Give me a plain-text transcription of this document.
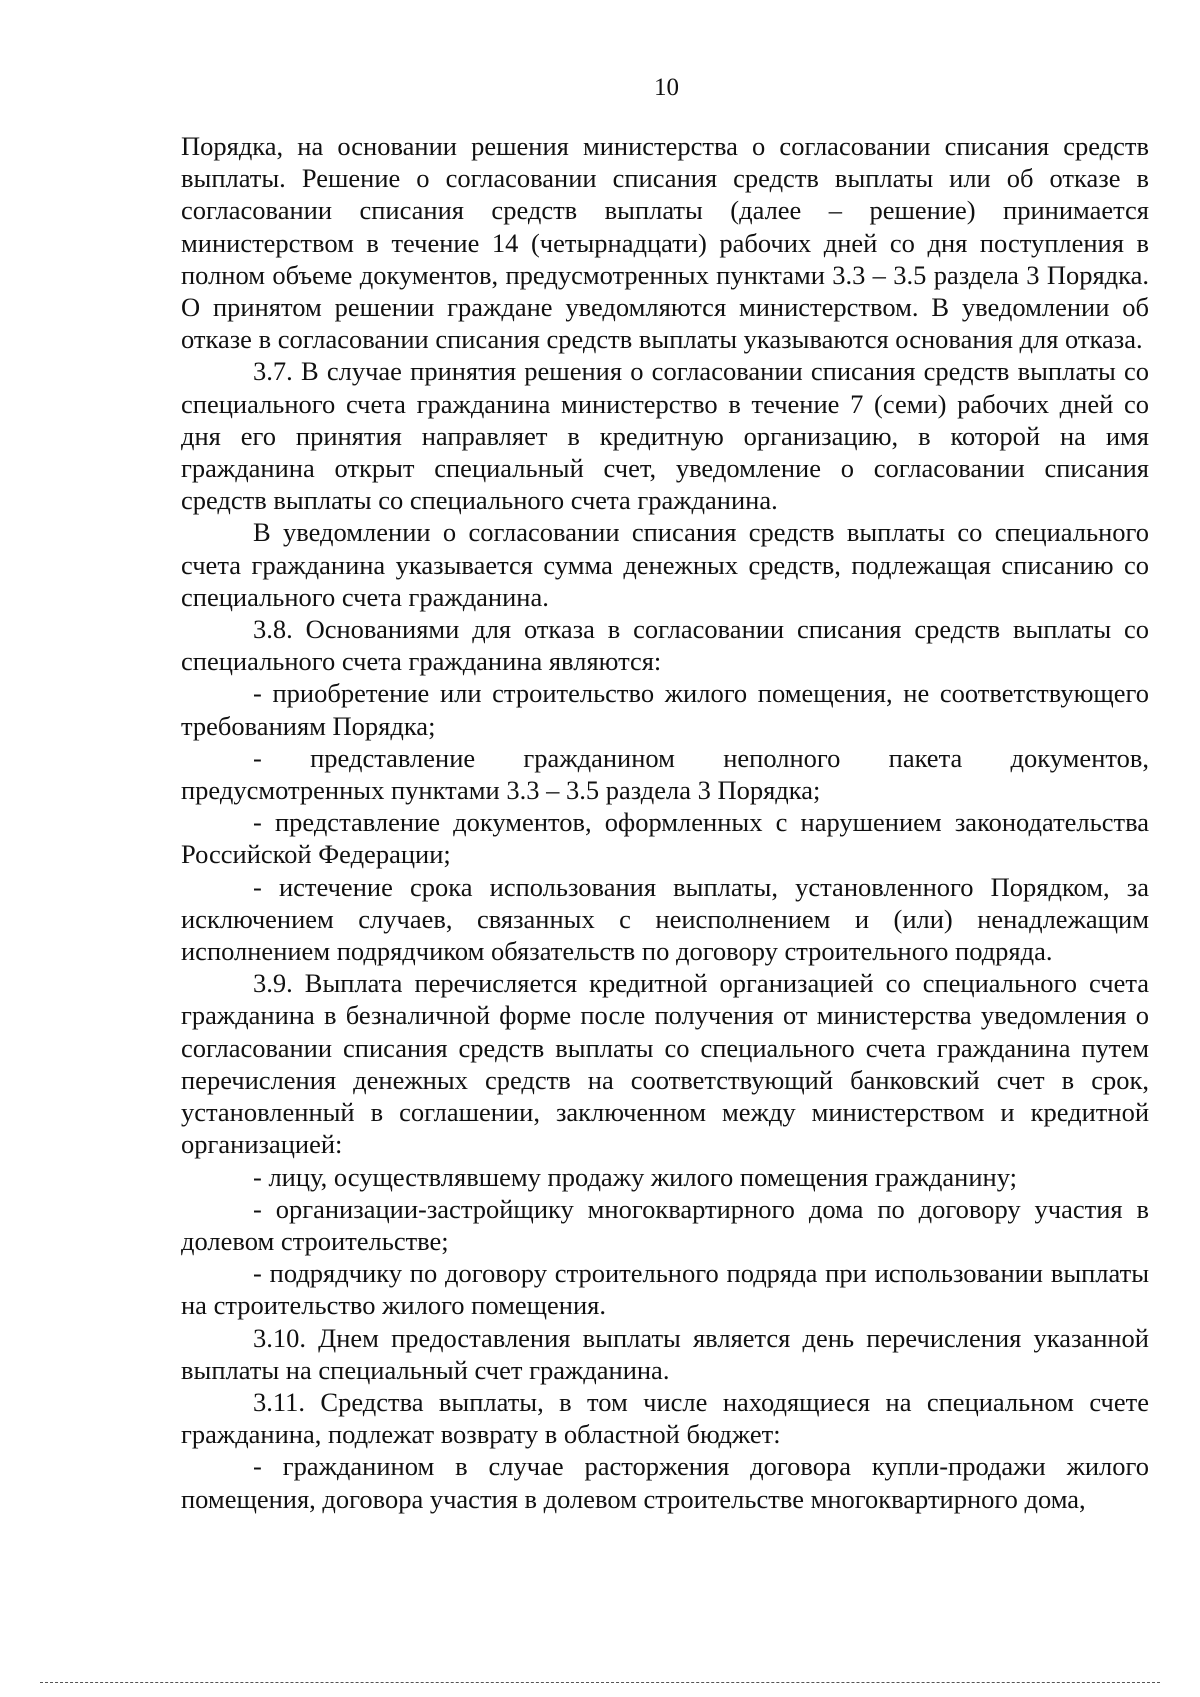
10

Порядка, на основании решения министерства о согласовании списания средств выплаты. Решение о согласовании списания средств выплаты или об отказе в согласовании списания средств выплаты (далее – решение) принимается министерством в течение 14 (четырнадцати) рабочих дней со дня поступления в полном объеме документов, предусмотренных пунктами 3.3 – 3.5 раздела 3 Порядка. О принятом решении граждане уведомляются министерством. В уведомлении об отказе в согласовании списания средств выплаты указываются основания для отказа.

3.7. В случае принятия решения о согласовании списания средств выплаты со специального счета гражданина министерство в течение 7 (семи) рабочих дней со дня его принятия направляет в кредитную организацию, в которой на имя гражданина открыт специальный счет, уведомление о согласовании списания средств выплаты со специального счета гражданина.

В уведомлении о согласовании списания средств выплаты со специального счета гражданина указывается сумма денежных средств, подлежащая списанию со специального счета гражданина.

3.8. Основаниями для отказа в согласовании списания средств выплаты со специального счета гражданина являются:

- приобретение или строительство жилого помещения, не соответствующего требованиям Порядка;

- представление гражданином неполного пакета документов, предусмотренных пунктами 3.3 – 3.5 раздела 3 Порядка;

- представление документов, оформленных с нарушением законодательства Российской Федерации;

- истечение срока использования выплаты, установленного Порядком, за исключением случаев, связанных с неисполнением и (или) ненадлежащим исполнением подрядчиком обязательств по договору строительного подряда.

3.9. Выплата перечисляется кредитной организацией со специального счета гражданина в безналичной форме после получения от министерства уведомления о согласовании списания средств выплаты со специального счета гражданина путем перечисления денежных средств на соответствующий банковский счет в срок, установленный в соглашении, заключенном между министерством и кредитной организацией:

- лицу, осуществлявшему продажу жилого помещения гражданину;

- организации-застройщику многоквартирного дома по договору участия в долевом строительстве;

- подрядчику по договору строительного подряда при использовании выплаты на строительство жилого помещения.

3.10. Днем предоставления выплаты является день перечисления указанной выплаты на специальный счет гражданина.

3.11. Средства выплаты, в том числе находящиеся на специальном счете гражданина, подлежат возврату в областной бюджет:

- гражданином в случае расторжения договора купли-продажи жилого помещения, договора участия в долевом строительстве многоквартирного дома,
